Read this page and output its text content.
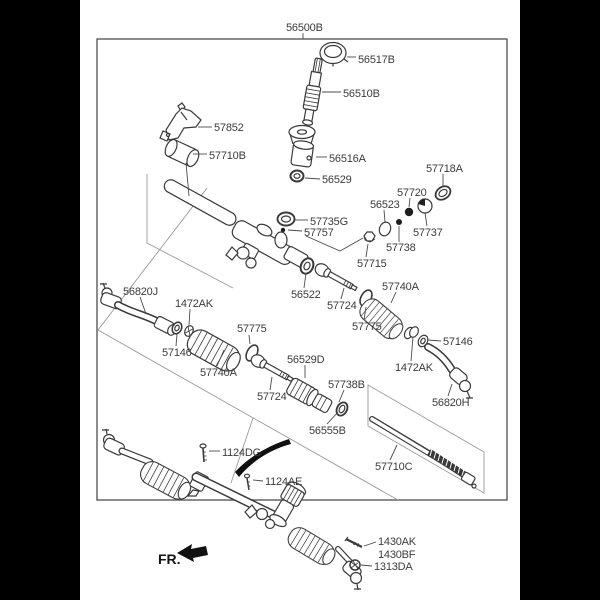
FR.
56500B
56517B
56510B
57852
57710B	56516A
56529
57718A
57735G
57757
56523
57720
57737
57738
57715
56522
57740A
57724
57775	57775
56820J
1472AK
57146
57740A
57724
56529D
57738B
56555B
57710C
1472AK
57146
56820H
1124DG
1124AE
1430AK
1430BF
1313DA
